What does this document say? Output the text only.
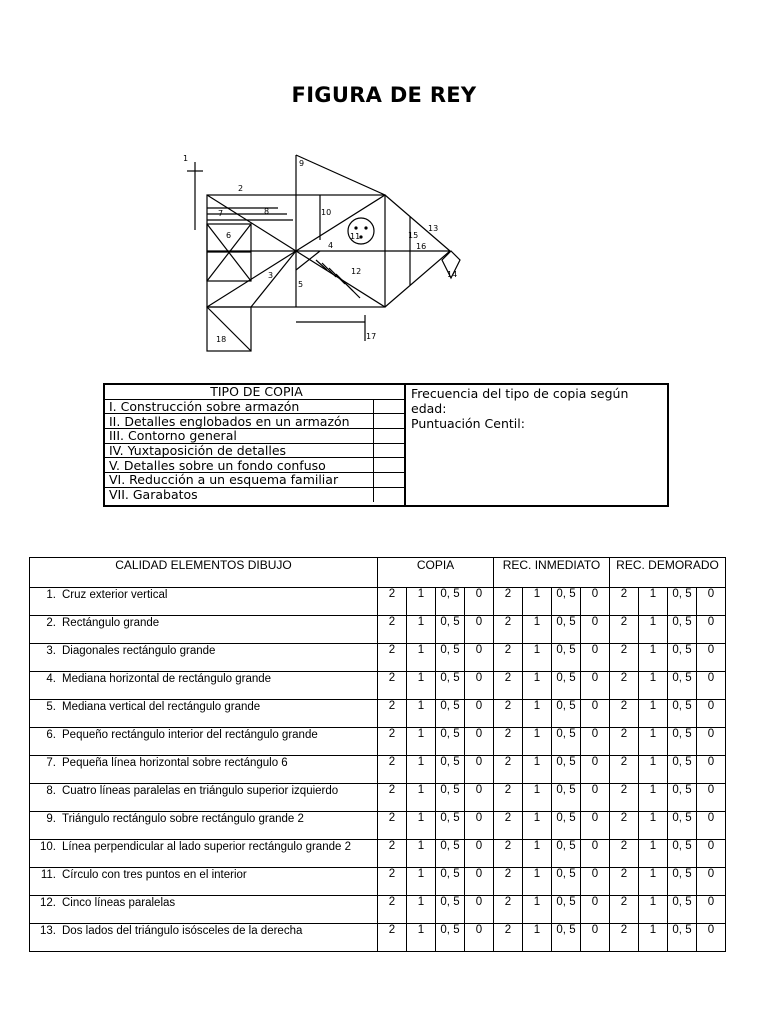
FIGURA DE REY
1
2
3
4
5
6
7	8
9
10
11
12
13
14
15
16
17
18
TIPO DE COPIA	
I. Construcción sobre armazón	
II. Detalles englobados en un armazón	
III. Contorno general	
IV. Yuxtaposición de detalles	
V. Detalles sobre un fondo confuso	
VI. Reducción a un esquema familiar	
VII. Garabatos	
Frecuencia del tipo de copia según
edad:
Puntuación Centil:
CALIDAD ELEMENTOS DIBUJO	COPIA				REC. INMEDIATO				REC. DEMORADO			
1. Cruz exterior vertical	2	1	0, 5	0	2	1	0, 5	0	2	1	0, 5	0
2. Rectángulo grande	2	1	0, 5	0	2	1	0, 5	0	2	1	0, 5	0
3. Diagonales rectángulo grande	2	1	0, 5	0	2	1	0, 5	0	2	1	0, 5	0
4. Mediana horizontal de rectángulo grande	2	1	0, 5	0	2	1	0, 5	0	2	1	0, 5	0
5. Mediana vertical del rectángulo grande	2	1	0, 5	0	2	1	0, 5	0	2	1	0, 5	0
6. Pequeño rectángulo interior del rectángulo grande	2	1	0, 5	0	2	1	0, 5	0	2	1	0, 5	0
7. Pequeña línea horizontal sobre rectángulo 6	2	1	0, 5	0	2	1	0, 5	0	2	1	0, 5	0
8. Cuatro líneas paralelas en triángulo superior izquierdo	2	1	0, 5	0	2	1	0, 5	0	2	1	0, 5	0
9. Triángulo rectángulo sobre rectángulo grande 2	2	1	0, 5	0	2	1	0, 5	0	2	1	0, 5	0
10. Línea perpendicular al lado superior rectángulo grande 2	2	1	0, 5	0	2	1	0, 5	0	2	1	0, 5	0
11. Círculo con tres puntos en el interior	2	1	0, 5	0	2	1	0, 5	0	2	1	0, 5	0
12. Cinco líneas paralelas	2	1	0, 5	0	2	1	0, 5	0	2	1	0, 5	0
13. Dos lados del triángulo isósceles de la derecha	2	1	0, 5	0	2	1	0, 5	0	2	1	0, 5	0
